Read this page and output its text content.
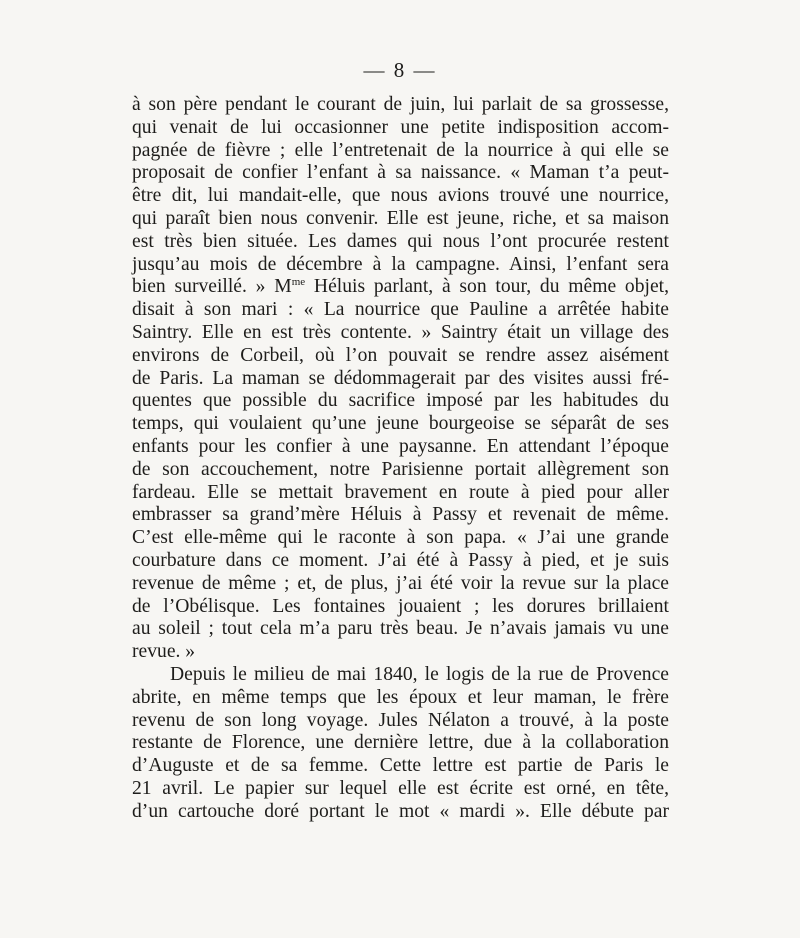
— 8 —
à son père pendant le courant de juin, lui parlait de sa grossesse,
qui venait de lui occasionner une petite indisposition accom-
pagnée de fièvre ; elle l’entretenait de la nourrice à qui elle se
proposait de confier l’enfant à sa naissance. « Maman t’a peut-
être dit, lui mandait-elle, que nous avions trouvé une nourrice,
qui paraît bien nous convenir. Elle est jeune, riche, et sa maison
est très bien située. Les dames qui nous l’ont procurée restent
jusqu’au mois de décembre à la campagne. Ainsi, l’enfant sera
bien surveillé. » $M^{me}$ Héluis parlant, à son tour, du même objet,
disait à son mari : « La nourrice que Pauline a arrêtée habite
Saintry. Elle en est très contente. » Saintry était un village des
environs de Corbeil, où l’on pouvait se rendre assez aisément
de Paris. La maman se dédommagerait par des visites aussi fré-
quentes que possible du sacrifice imposé par les habitudes du
temps, qui voulaient qu’une jeune bourgeoise se séparât de ses
enfants pour les confier à une paysanne. En attendant l’époque
de son accouchement, notre Parisienne portait allègrement son
fardeau. Elle se mettait bravement en route à pied pour aller
embrasser sa grand’mère Héluis à Passy et revenait de même.
C’est elle-même qui le raconte à son papa. « J’ai une grande
courbature dans ce moment. J’ai été à Passy à pied, et je suis
revenue de même ; et, de plus, j’ai été voir la revue sur la place
de l’Obélisque. Les fontaines jouaient ; les dorures brillaient
au soleil ; tout cela m’a paru très beau. Je n’avais jamais vu une
revue. »
Depuis le milieu de mai 1840, le logis de la rue de Provence
abrite, en même temps que les époux et leur maman, le frère
revenu de son long voyage. Jules Nélaton a trouvé, à la poste
restante de Florence, une dernière lettre, due à la collaboration
d’Auguste et de sa femme. Cette lettre est partie de Paris le
21 avril. Le papier sur lequel elle est écrite est orné, en tête,
d’un cartouche doré portant le mot « mardi ». Elle débute par
